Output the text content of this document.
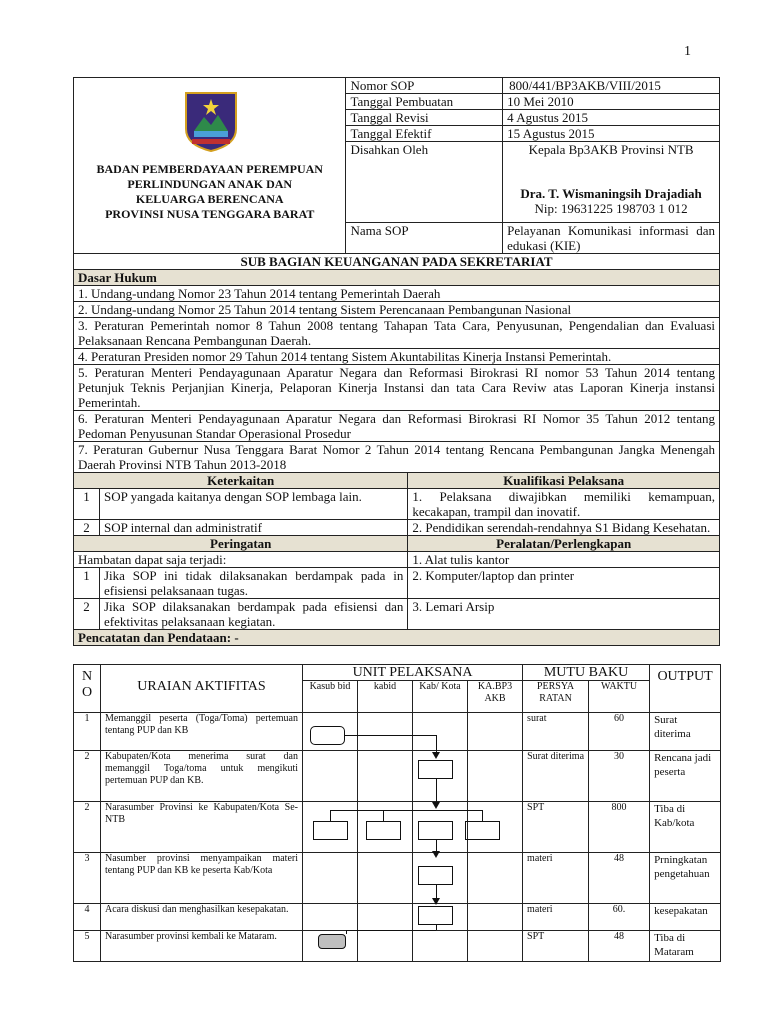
1
BADAN PEMBERDAYAAN PEREMPUAN
PERLINDUNGAN ANAK DAN
KELUARGA BERENCANA
PROVINSI NUSA TENGGARA BARAT	Nomor SOP	800/441/BP3AKB/VIII/2015
	Tanggal Pembuatan	10 Mei 2010
	Tanggal Revisi	4 Agustus 2015
	Tanggal Efektif	15 Agustus 2015
	Disahkan Oleh	Kepala Bp3AKB Provinsi NTB
Dra. T. Wismaningsih Drajadiah
Nip: 19631225 198703 1 012

	Nama SOP	Pelayanan Komunikasi informasi dan edukasi (KIE)
SUB BAGIAN KEUANGANAN PADA SEKRETARIAT		
Dasar Hukum		
1. Undang-undang Nomor 23 Tahun 2014 tentang Pemerintah Daerah		
2. Undang-undang Nomor 25 Tahun 2014 tentang Sistem Perencanaan Pembangunan Nasional		
3. Peraturan Pemerintah nomor 8 Tahun 2008 tentang Tahapan Tata Cara, Penyusunan, Pengendalian dan Evaluasi Pelaksanaan Rencana Pembangunan Daerah.		
4. Peraturan Presiden nomor 29 Tahun 2014 tentang Sistem Akuntabilitas Kinerja Instansi Pemerintah.		
5. Peraturan Menteri Pendayagunaan Aparatur Negara dan Reformasi Birokrasi RI nomor 53 Tahun 2014 tentang Petunjuk Teknis Perjanjian Kinerja, Pelaporan Kinerja Instansi dan tata Cara Reviw atas Laporan Kinerja instansi Pemerintah.		
6. Peraturan Menteri Pendayagunaan Aparatur Negara dan Reformasi Birokrasi RI Nomor 35 Tahun 2012 tentang Pedoman Penyusunan Standar Operasional Prosedur		
7. Peraturan Gubernur Nusa Tenggara Barat Nomor 2 Tahun 2014 tentang Rencana Pembangunan Jangka Menengah Daerah Provinsi NTB Tahun 2013-2018		
Keterkaitan		Kualifikasi Pelaksana
1	SOP yangada kaitanya dengan SOP lembaga lain.	1. Pelaksana diwajibkan memiliki kemampuan, kecakapan, trampil dan inovatif.
2	SOP internal dan administratif	2. Pendidikan serendah-rendahnya S1 Bidang Kesehatan.
Peringatan		Peralatan/Perlengkapan
Hambatan dapat saja terjadi:		1. Alat tulis kantor
1	Jika SOP ini tidak dilaksanakan berdampak pada in efisiensi pelaksanaan tugas.	2. Komputer/laptop dan printer
2	Jika SOP dilaksanakan berdampak pada efisiensi dan efektivitas pelaksanaan kegiatan.	3. Lemari Arsip
Pencatatan dan Pendataan: -		
N O	URAIAN AKTIFITAS	UNIT PELAKSANA				MUTU BAKU		OUTPUT
		Kasub bid	kabid	Kab/ Kota	KA.BP3 AKB	PERSYA RATAN	WAKTU	
1	Memanggil peserta (Toga/Toma) pertemuan tentang PUP dan KB					surat	60	Surat diterima
2	Kabupaten/Kota menerima surat dan memanggil Toga/toma untuk mengikuti pertemuan PUP dan KB.					Surat diterima	30	Rencana jadi peserta
2	Narasumber Provinsi ke Kabupaten/Kota Se-NTB					SPT	800	Tiba di Kab/kota
3	Nasumber provinsi menyampaikan materi tentang PUP dan KB ke peserta Kab/Kota					materi	48	Prningkatan pengetahuan
4	Acara diskusi dan menghasilkan kesepakatan.					materi	60.	kesepakatan
5	Narasumber provinsi kembali ke Mataram.					SPT	48	Tiba di Mataram
